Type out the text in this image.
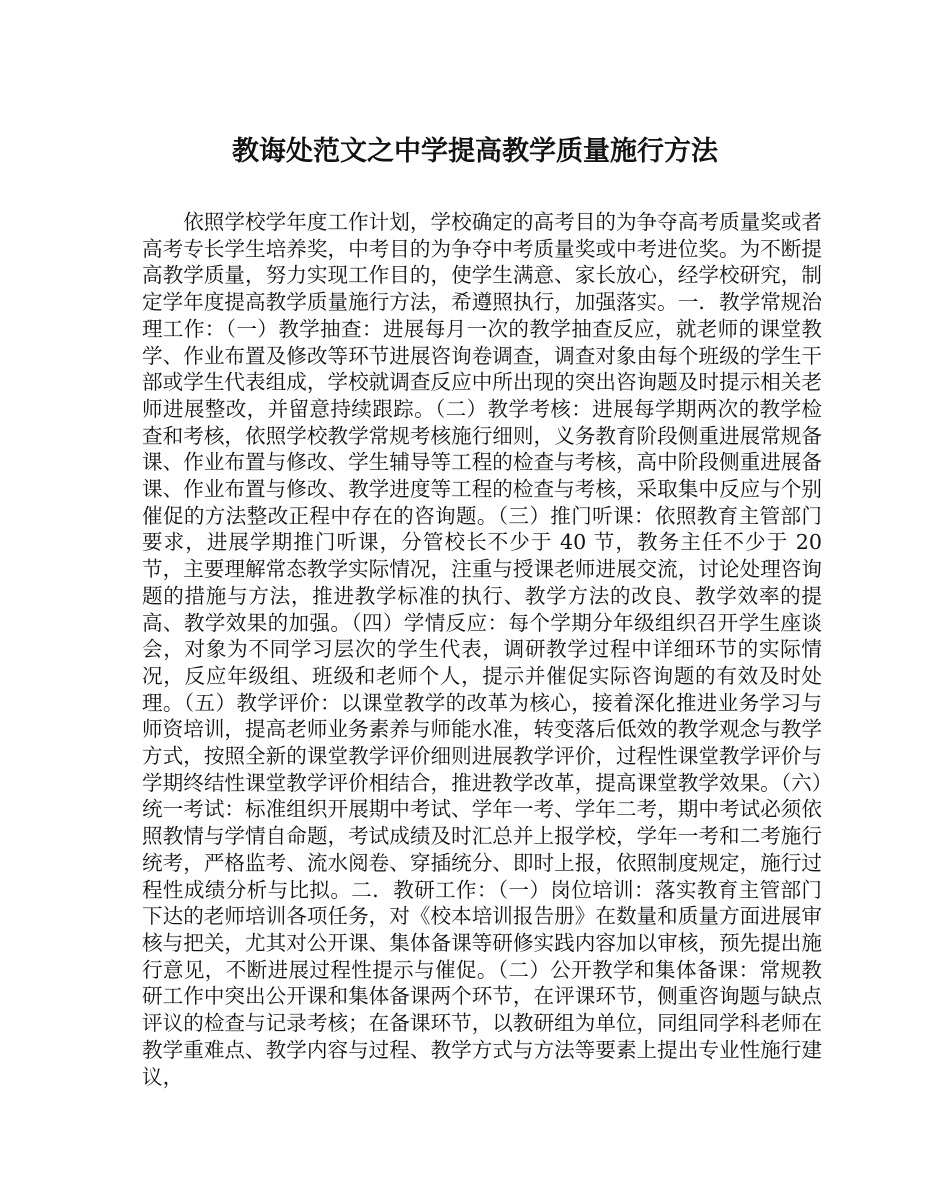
教诲处范文之中学提高教学质量施行方法

依照学校学年度工作计划，学校确定的高考目的为争夺高考质量奖或者高考专长学生培养奖，中考目的为争夺中考质量奖或中考进位奖。为不断提高教学质量，努力实现工作目的，使学生满意、家长放心，经学校研究，制定学年度提高教学质量施行方法，希遵照执行，加强落实。一．教学常规治理工作：（一）教学抽查：进展每月一次的教学抽查反应，就老师的课堂教学、作业布置及修改等环节进展咨询卷调查，调查对象由每个班级的学生干部或学生代表组成，学校就调查反应中所出现的突出咨询题及时提示相关老师进展整改，并留意持续跟踪。（二）教学考核：进展每学期两次的教学检查和考核，依照学校教学常规考核施行细则，义务教育阶段侧重进展常规备课、作业布置与修改、学生辅导等工程的检查与考核，高中阶段侧重进展备课、作业布置与修改、教学进度等工程的检查与考核，采取集中反应与个别催促的方法整改正程中存在的咨询题。（三）推门听课：依照教育主管部门要求，进展学期推门听课，分管校长不少于 40 节，教务主任不少于 20 节，主要理解常态教学实际情况，注重与授课老师进展交流，讨论处理咨询题的措施与方法，推进教学标准的执行、教学方法的改良、教学效率的提高、教学效果的加强。（四）学情反应：每个学期分年级组织召开学生座谈会，对象为不同学习层次的学生代表，调研教学过程中详细环节的实际情况，反应年级组、班级和老师个人，提示并催促实际咨询题的有效及时处理。（五）教学评价：以课堂教学的改革为核心，接着深化推进业务学习与师资培训，提高老师业务素养与师能水准，转变落后低效的教学观念与教学方式，按照全新的课堂教学评价细则进展教学评价，过程性课堂教学评价与学期终结性课堂教学评价相结合，推进教学改革，提高课堂教学效果。（六）统一考试：标准组织开展期中考试、学年一考、学年二考，期中考试必须依照教情与学情自命题，考试成绩及时汇总并上报学校，学年一考和二考施行统考，严格监考、流水阅卷、穿插统分、即时上报，依照制度规定，施行过程性成绩分析与比拟。二．教研工作：（一）岗位培训：落实教育主管部门下达的老师培训各项任务，对《校本培训报告册》在数量和质量方面进展审核与把关，尤其对公开课、集体备课等研修实践内容加以审核，预先提出施行意见，不断进展过程性提示与催促。（二）公开教学和集体备课：常规教研工作中突出公开课和集体备课两个环节，在评课环节，侧重咨询题与缺点评议的检查与记录考核；在备课环节，以教研组为单位，同组同学科老师在教学重难点、教学内容与过程、教学方式与方法等要素上提出专业性施行建议，
